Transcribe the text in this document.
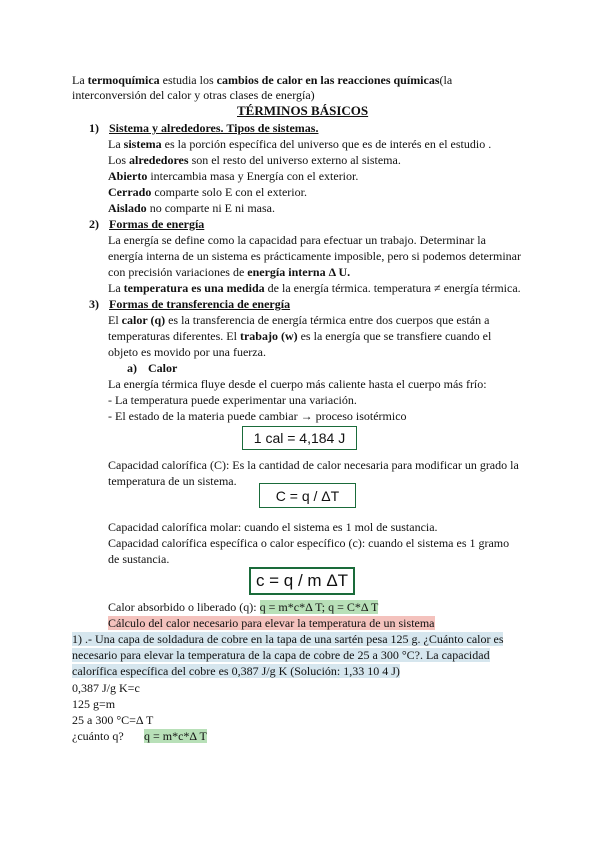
La termoquímica estudia los cambios de calor en las reacciones químicas(la
interconversión del calor y otras clases de energía)
TÉRMINOS BÁSICOS
1) Sistema y alrededores. Tipos de sistemas.
La sistema es la porción específica del universo que es de interés en el estudio .
Los alrededores son el resto del universo externo al sistema.
Abierto intercambia masa y Energía con el exterior.
Cerrado comparte solo E con el exterior.
Aislado no comparte ni E ni masa.
2) Formas de energía
La energía se define como la capacidad para efectuar un trabajo. Determinar la
energía interna de un sistema es prácticamente imposible, pero si podemos determinar
con precisión variaciones de energía interna Δ U.
La temperatura es una medida de la energía térmica. temperatura ≠ energía térmica.
3) Formas de transferencia de energía
El calor (q) es la transferencia de energía térmica entre dos cuerpos que están a
temperaturas diferentes. El trabajo (w) es la energía que se transfiere cuando el
objeto es movido por una fuerza.
a) Calor
La energía térmica fluye desde el cuerpo más caliente hasta el cuerpo más frío:
- La temperatura puede experimentar una variación.
- El estado de la materia puede cambiar → proceso isotérmico
1 cal = 4,184 J
Capacidad calorífica (C): Es la cantidad de calor necesaria para modificar un grado la
temperatura de un sistema.
C = q / ΔT
Capacidad calorífica molar: cuando el sistema es 1 mol de sustancia.
Capacidad calorífica específica o calor específico (c): cuando el sistema es 1 gramo
de sustancia.
c = q / m ΔT
Calor absorbido o liberado (q): q = m*c*Δ T; q = C*Δ T
Cálculo del calor necesario para elevar la temperatura de un sistema
1) .- Una capa de soldadura de cobre en la tapa de una sartén pesa 125 g. ¿Cuánto calor es
necesario para elevar la temperatura de la capa de cobre de 25 a 300 °C?. La capacidad
calorífica específica del cobre es 0,387 J/g K (Solución: 1,33 10 4 J)
0,387 J/g K=c
125 g=m
25 a 300 °C=Δ T
¿cuánto q? q = m*c*Δ T
